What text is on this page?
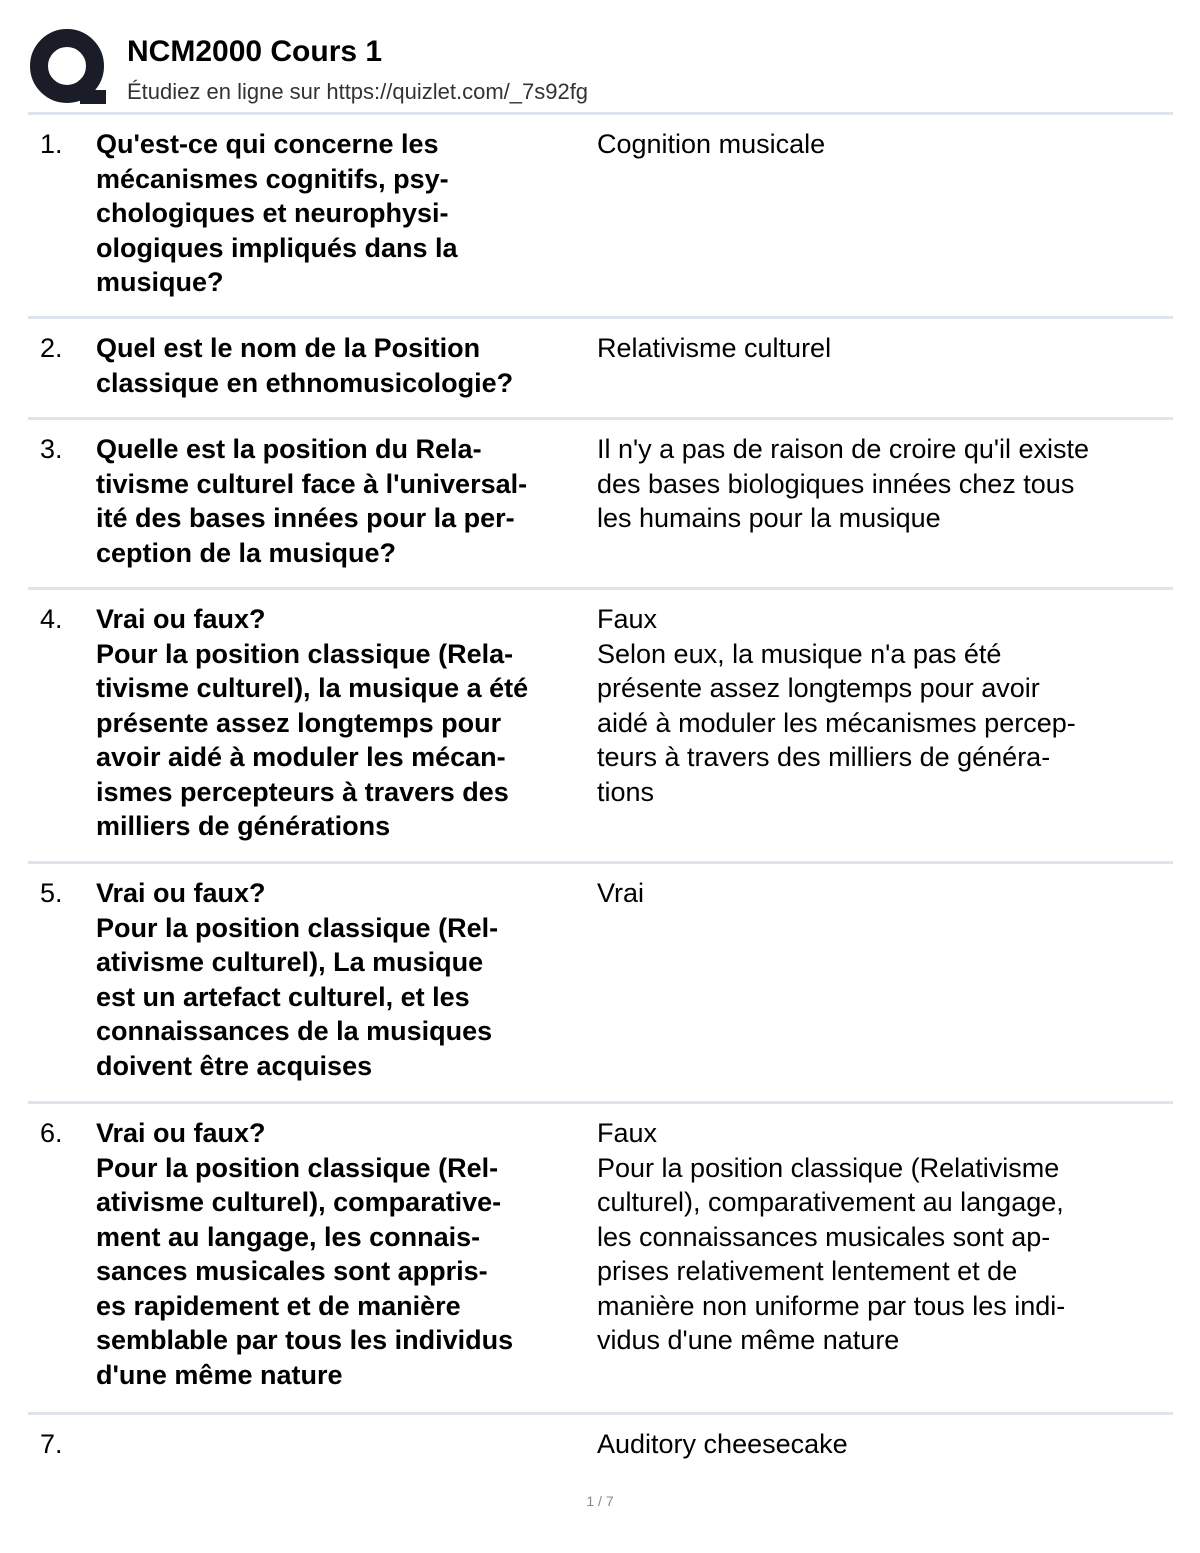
NCM2000 Cours 1
Étudiez en ligne sur https://quizlet.com/_7s92fg
1. Qu'est-ce qui concerne les
mécanismes cognitifs, psy-
chologiques et neurophysi-
ologiques impliqués dans la
musique?
Cognition musicale
2. Quel est le nom de la Position
classique en ethnomusicologie?
Relativisme culturel
3. Quelle est la position du Rela-
tivisme culturel face à l'universal-
ité des bases innées pour la per-
ception de la musique?
Il n'y a pas de raison de croire qu'il existe
des bases biologiques innées chez tous
les humains pour la musique
4. Vrai ou faux?
Pour la position classique (Rela-
tivisme culturel), la musique a été
présente assez longtemps pour
avoir aidé à moduler les mécan-
ismes percepteurs à travers des
milliers de générations
Faux
Selon eux, la musique n'a pas été
présente assez longtemps pour avoir
aidé à moduler les mécanismes percep-
teurs à travers des milliers de généra-
tions
5. Vrai ou faux?
Pour la position classique (Rel-
ativisme culturel), La musique
est un artefact culturel, et les
connaissances de la musiques
doivent être acquises
Vrai
6. Vrai ou faux?
Pour la position classique (Rel-
ativisme culturel), comparative-
ment au langage, les connais-
sances musicales sont appris-
es rapidement et de manière
semblable par tous les individus
d'une même nature
Faux
Pour la position classique (Relativisme
culturel), comparativement au langage,
les connaissances musicales sont ap-
prises relativement lentement et de
manière non uniforme par tous les indi-
vidus d'une même nature
7.	Auditory cheesecake
1 / 7
